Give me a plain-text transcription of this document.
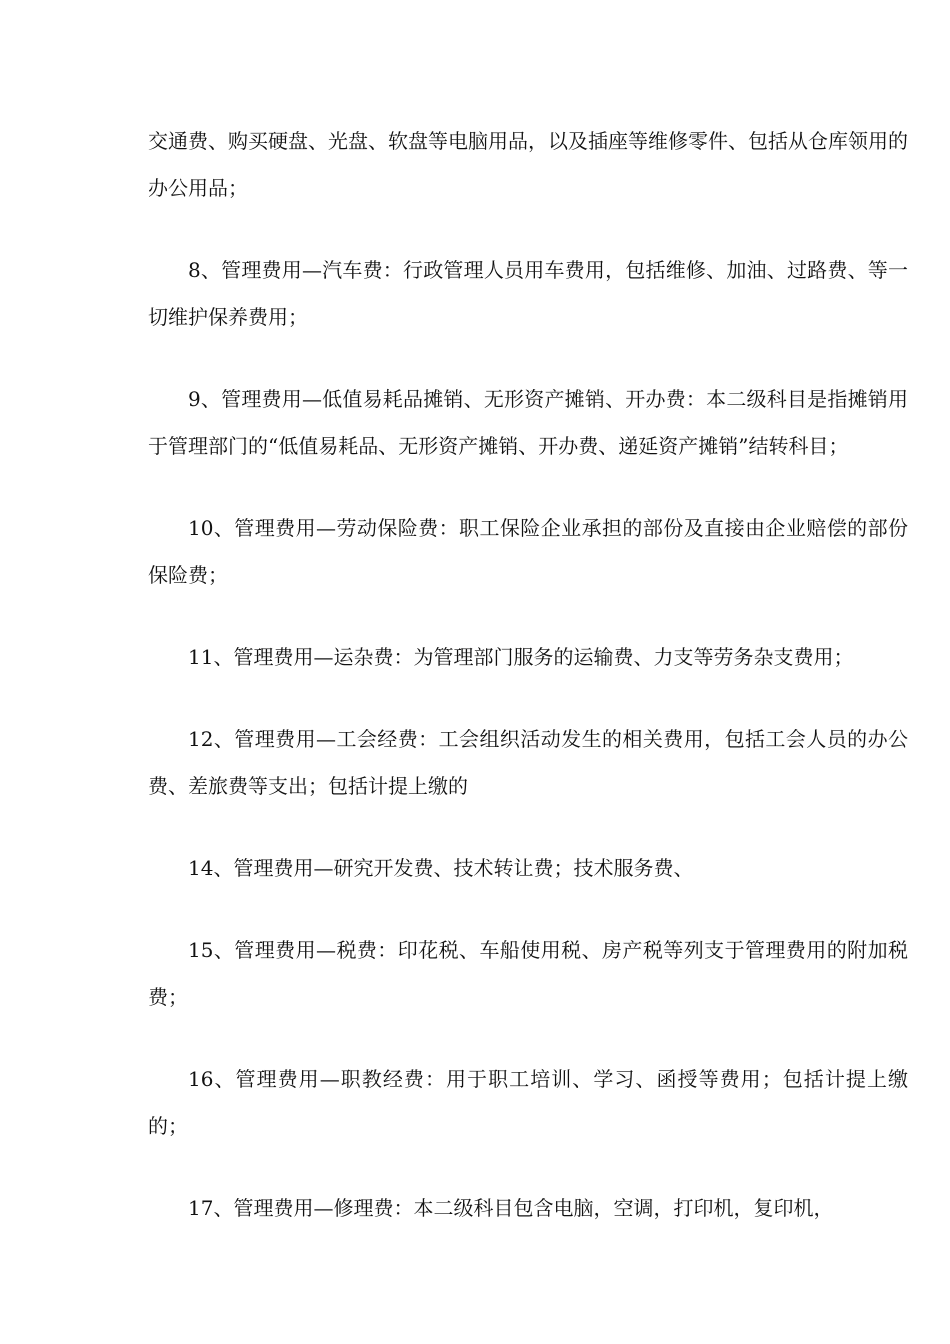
交通费、购买硬盘、光盘、软盘等电脑用品，以及插座等维修零件、包括从仓库领用的办公用品；

8、管理费用—汽车费：行政管理人员用车费用，包括维修、加油、过路费、等一切维护保养费用；

9、管理费用—低值易耗品摊销、无形资产摊销、开办费：本二级科目是指摊销用于管理部门的“低值易耗品、无形资产摊销、开办费、递延资产摊销”结转科目；

10、管理费用—劳动保险费：职工保险企业承担的部份及直接由企业赔偿的部份保险费；

11、管理费用—运杂费：为管理部门服务的运输费、力支等劳务杂支费用；

12、管理费用—工会经费：工会组织活动发生的相关费用，包括工会人员的办公费、差旅费等支出；包括计提上缴的

14、管理费用—研究开发费、技术转让费；技术服务费、

15、管理费用—税费：印花税、车船使用税、房产税等列支于管理费用的附加税费；

16、管理费用—职教经费：用于职工培训、学习、函授等费用；包括计提上缴的；

17、管理费用—修理费：本二级科目包含电脑，空调，打印机，复印机，
